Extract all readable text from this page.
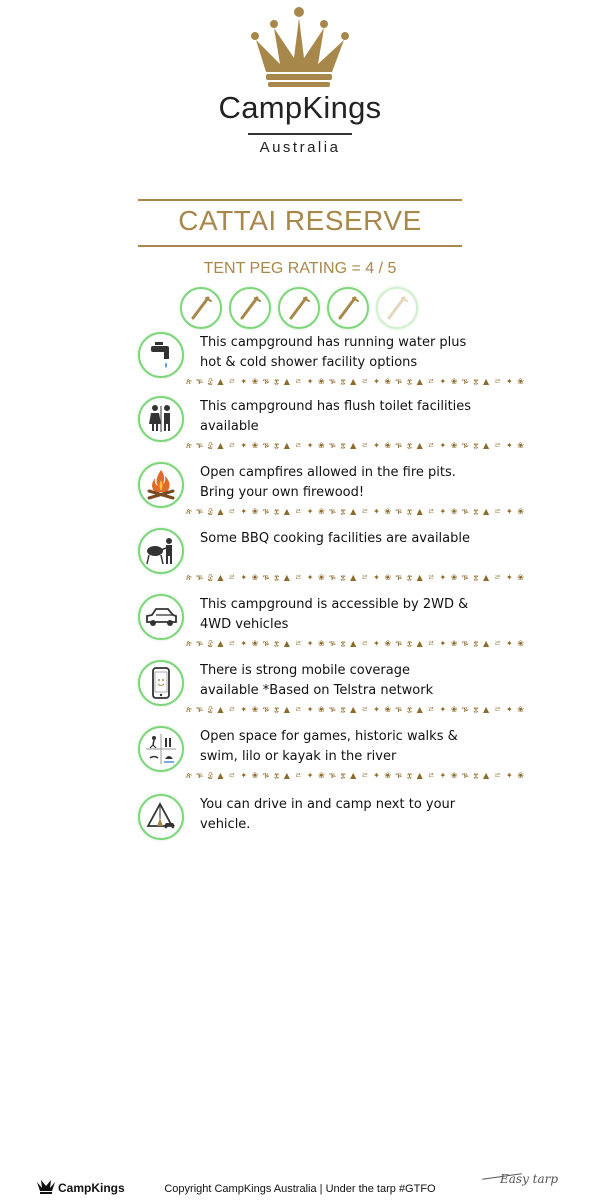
CampKings
Australia
CATTAI RESERVE
TENT PEG RATING = 4 / 5
This campground has running water plus hot & cold shower facility options
ጵ ᎏ ፰ ▲ ㄹ ✦ ❀ ᎏ ፰ ▲ ㄹ ✦ ❀ ᎏ ፰ ▲ ㄹ ✦ ❀ ᎏ ፰ ▲ ㄹ ✦ ❀ ᎏ ፰ ▲ ㄹ ✦ ❀
This campground has flush toilet facilities available
ጵ ᎏ ፰ ▲ ㄹ ✦ ❀ ᎏ ፰ ▲ ㄹ ✦ ❀ ᎏ ፰ ▲ ㄹ ✦ ❀ ᎏ ፰ ▲ ㄹ ✦ ❀ ᎏ ፰ ▲ ㄹ ✦ ❀
Open campfires allowed in the fire pits. Bring your own firewood!
ጵ ᎏ ፰ ▲ ㄹ ✦ ❀ ᎏ ፰ ▲ ㄹ ✦ ❀ ᎏ ፰ ▲ ㄹ ✦ ❀ ᎏ ፰ ▲ ㄹ ✦ ❀ ᎏ ፰ ▲ ㄹ ✦ ❀
Some BBQ cooking facilities are available
ጵ ᎏ ፰ ▲ ㄹ ✦ ❀ ᎏ ፰ ▲ ㄹ ✦ ❀ ᎏ ፰ ▲ ㄹ ✦ ❀ ᎏ ፰ ▲ ㄹ ✦ ❀ ᎏ ፰ ▲ ㄹ ✦ ❀
This campground is accessible by 2WD & 4WD vehicles
ጵ ᎏ ፰ ▲ ㄹ ✦ ❀ ᎏ ፰ ▲ ㄹ ✦ ❀ ᎏ ፰ ▲ ㄹ ✦ ❀ ᎏ ፰ ▲ ㄹ ✦ ❀ ᎏ ፰ ▲ ㄹ ✦ ❀
There is strong mobile coverage available *Based on Telstra network
ጵ ᎏ ፰ ▲ ㄹ ✦ ❀ ᎏ ፰ ▲ ㄹ ✦ ❀ ᎏ ፰ ▲ ㄹ ✦ ❀ ᎏ ፰ ▲ ㄹ ✦ ❀ ᎏ ፰ ▲ ㄹ ✦ ❀
Open space for games, historic walks & swim, lilo or kayak in the river
ጵ ᎏ ፰ ▲ ㄹ ✦ ❀ ᎏ ፰ ▲ ㄹ ✦ ❀ ᎏ ፰ ▲ ㄹ ✦ ❀ ᎏ ፰ ▲ ㄹ ✦ ❀ ᎏ ፰ ▲ ㄹ ✦ ❀
You can drive in and camp next to your vehicle.
CampKings	Copyright CampKings Australia | Under the tarp #GTFO
Easy tarp
